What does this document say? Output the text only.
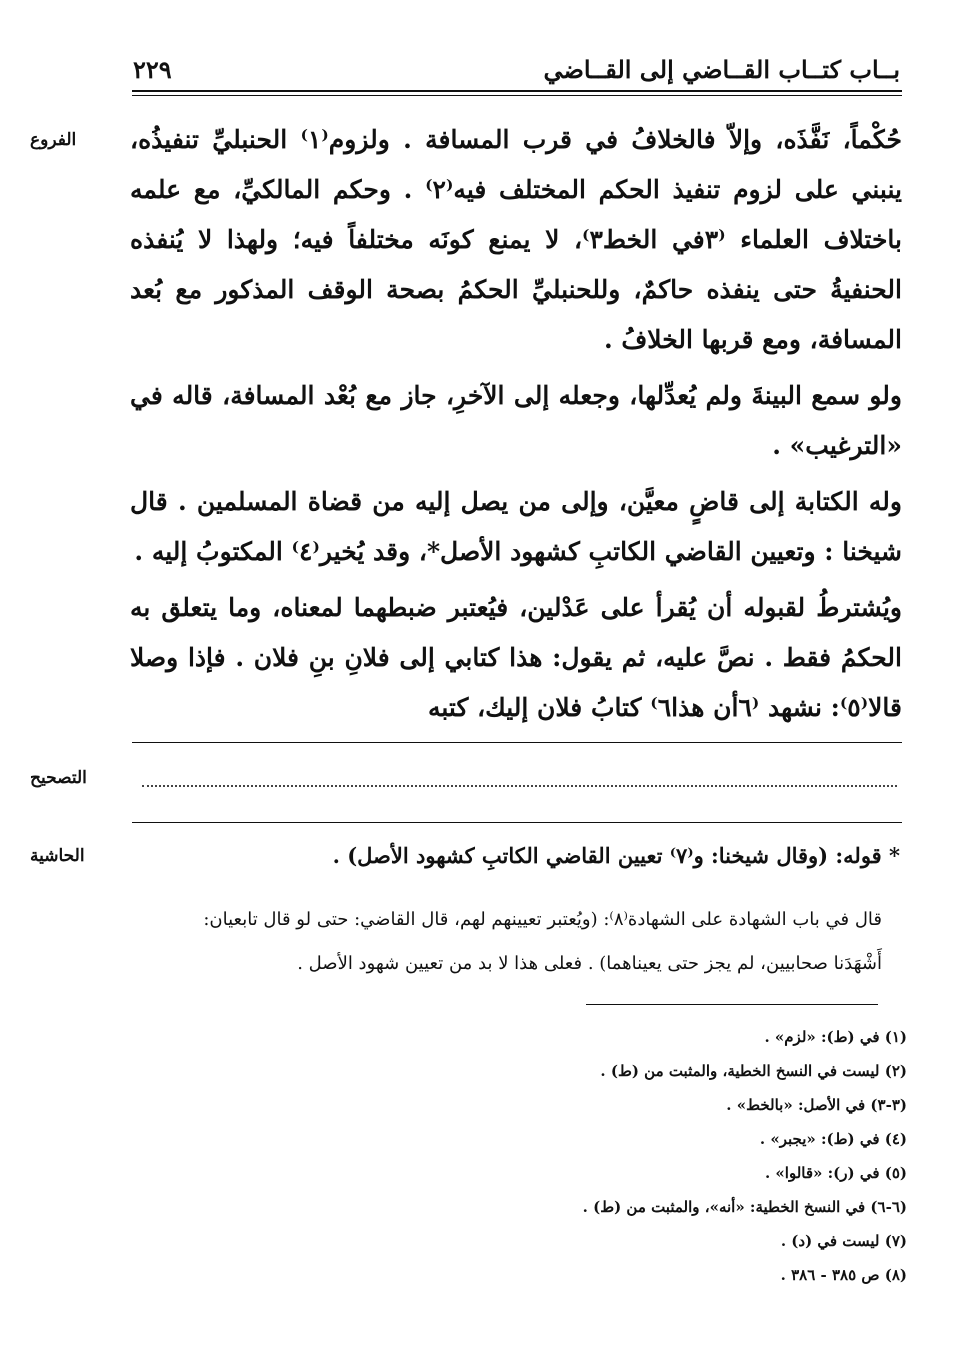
بــاب كتــاب القــاضي إلى القــاضي
٢٢٩
الفروع	حُكْماً، نَفَّذَه، وإلاّ فالخلافُ في قرب المسافة . ولزوم⁽١⁾ الحنبليِّ تنفيذُه، ينبني على لزوم تنفيذ الحكم المختلف فيه⁽٢⁾ . وحكم المالكيِّ، مع علمه باختلاف العلماء ⁽٣في الخط٣⁾، لا يمنع كونَه مختلفاً فيه؛ ولهذا لا يُنفذه الحنفيةُ حتى ينفذه حاكمٌ، وللحنبليِّ الحكمُ بصحة الوقف المذكور مع بُعد المسافة، ومع قربها الخلافُ .

ولو سمع البينةَ ولم يُعدِّلها، وجعله إلى الآخرِ، جاز مع بُعْد المسافة، قاله في «الترغيب» .

وله الكتابة إلى قاضٍ معيَّن، وإلى من يصل إليه من قضاة المسلمين . قال شيخنا : وتعيين القاضي الكاتبِ كشهود الأصل*، وقد يُخير⁽٤⁾ المكتوبُ إليه .

ويُشترطُ لقبوله أن يُقرأ على عَدْلين، فيُعتبر ضبطهما لمعناه، وما يتعلق به الحكمُ فقط . نصَّ عليه، ثم يقول: هذا كتابي إلى فلانِ بنِ فلان . فإذا وصلا قالا⁽٥⁾: نشهد ⁽٦أن هذا٦⁾ كتابُ فلان إليك، كتبه

التصحيح
الحاشية	* قوله: (وقال شيخنا: و⁽٧⁾ تعيين القاضي الكاتبِ كشهود الأصل) .

قال في باب الشهادة على الشهادة⁽٨⁾: (ويُعتبر تعيينهم لهم، قال القاضي: حتى لو قال تابعيان:

أَشْهَدَنا صحابيين، لم يجز حتى يعيناهما) . فعلى هذا لا بد من تعيين شهود الأصل .

(١) في (ط): «لزم» .
(٢) ليست في النسخ الخطية، والمثبت من (ط) .
(٣-٣) في الأصل: «بالخط» .
(٤) في (ط): «يجبر» .
(٥) في (ر): «قالوا» .
(٦-٦) في النسخ الخطية: «أنه»، والمثبت من (ط) .
(٧) ليست في (د) .
(٨) ص ٣٨٥ - ٣٨٦ .
